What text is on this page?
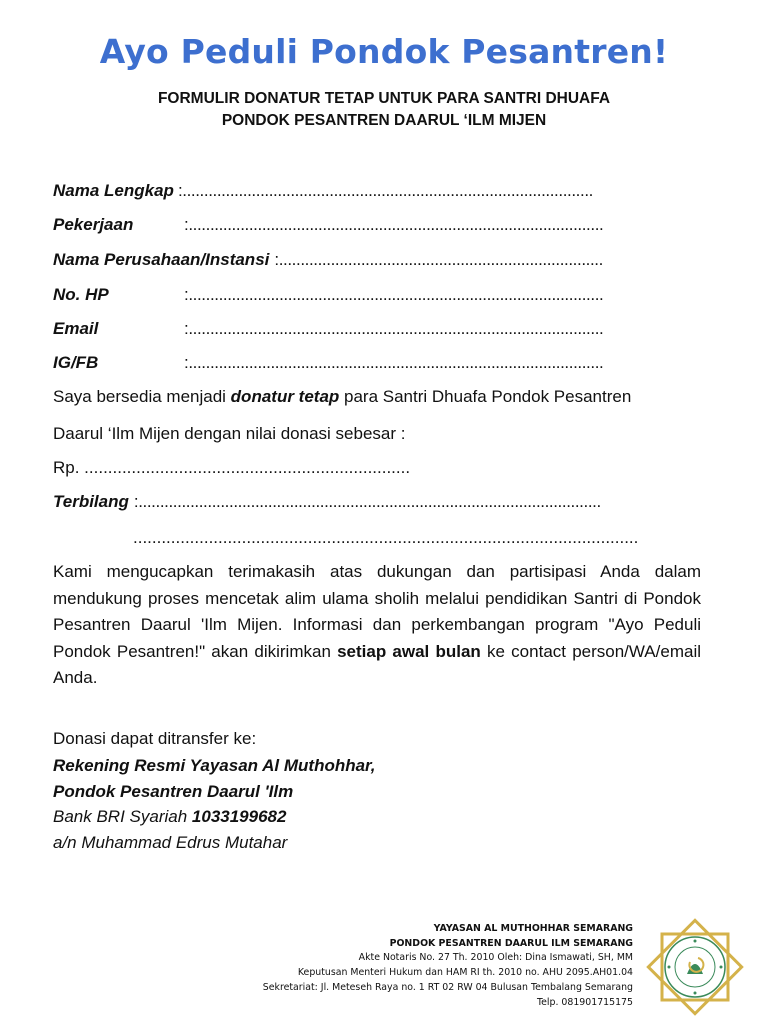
Ayo Peduli Pondok Pesantren!
FORMULIR DONATUR TETAP UNTUK PARA SANTRI DHUAFA
PONDOK PESANTREN DAARUL ‘ILM MIJEN
Nama Lengkap :...............................................................................................
Pekerjaan	:................................................................................................
Nama Perusahaan/Instansi :...........................................................................
No. HP	:................................................................................................
Email	:................................................................................................
IG/FB	:................................................................................................
Saya bersedia menjadi donatur tetap para Santri Dhuafa Pondok Pesantren
Daarul ‘Ilm Mijen dengan nilai donasi sebesar :
Rp. .....................................................................
Terbilang :...........................................................................................................
...........................................................................................................
Kami mengucapkan terimakasih atas dukungan dan partisipasi Anda dalam mendukung proses mencetak alim ulama sholih melalui pendidikan Santri di Pondok Pesantren Daarul 'Ilm Mijen. Informasi dan perkembangan program "Ayo Peduli Pondok Pesantren!" akan dikirimkan setiap awal bulan ke contact person/WA/email Anda.
Donasi dapat ditransfer ke:
Rekening Resmi Yayasan Al Muthohhar,
Pondok Pesantren Daarul 'Ilm
Bank BRI Syariah 1033199682
a/n Muhammad Edrus Mutahar
YAYASAN AL MUTHOHHAR SEMARANG
PONDOK PESANTREN DAARUL ILM SEMARANG
Akte Notaris No. 27 Th. 2010 Oleh: Dina Ismawati, SH, MM
Keputusan Menteri Hukum dan HAM RI th. 2010 no. AHU 2095.AH01.04
Sekretariat: Jl. Meteseh Raya no. 1 RT 02 RW 04 Bulusan Tembalang Semarang
Telp. 081901715175
